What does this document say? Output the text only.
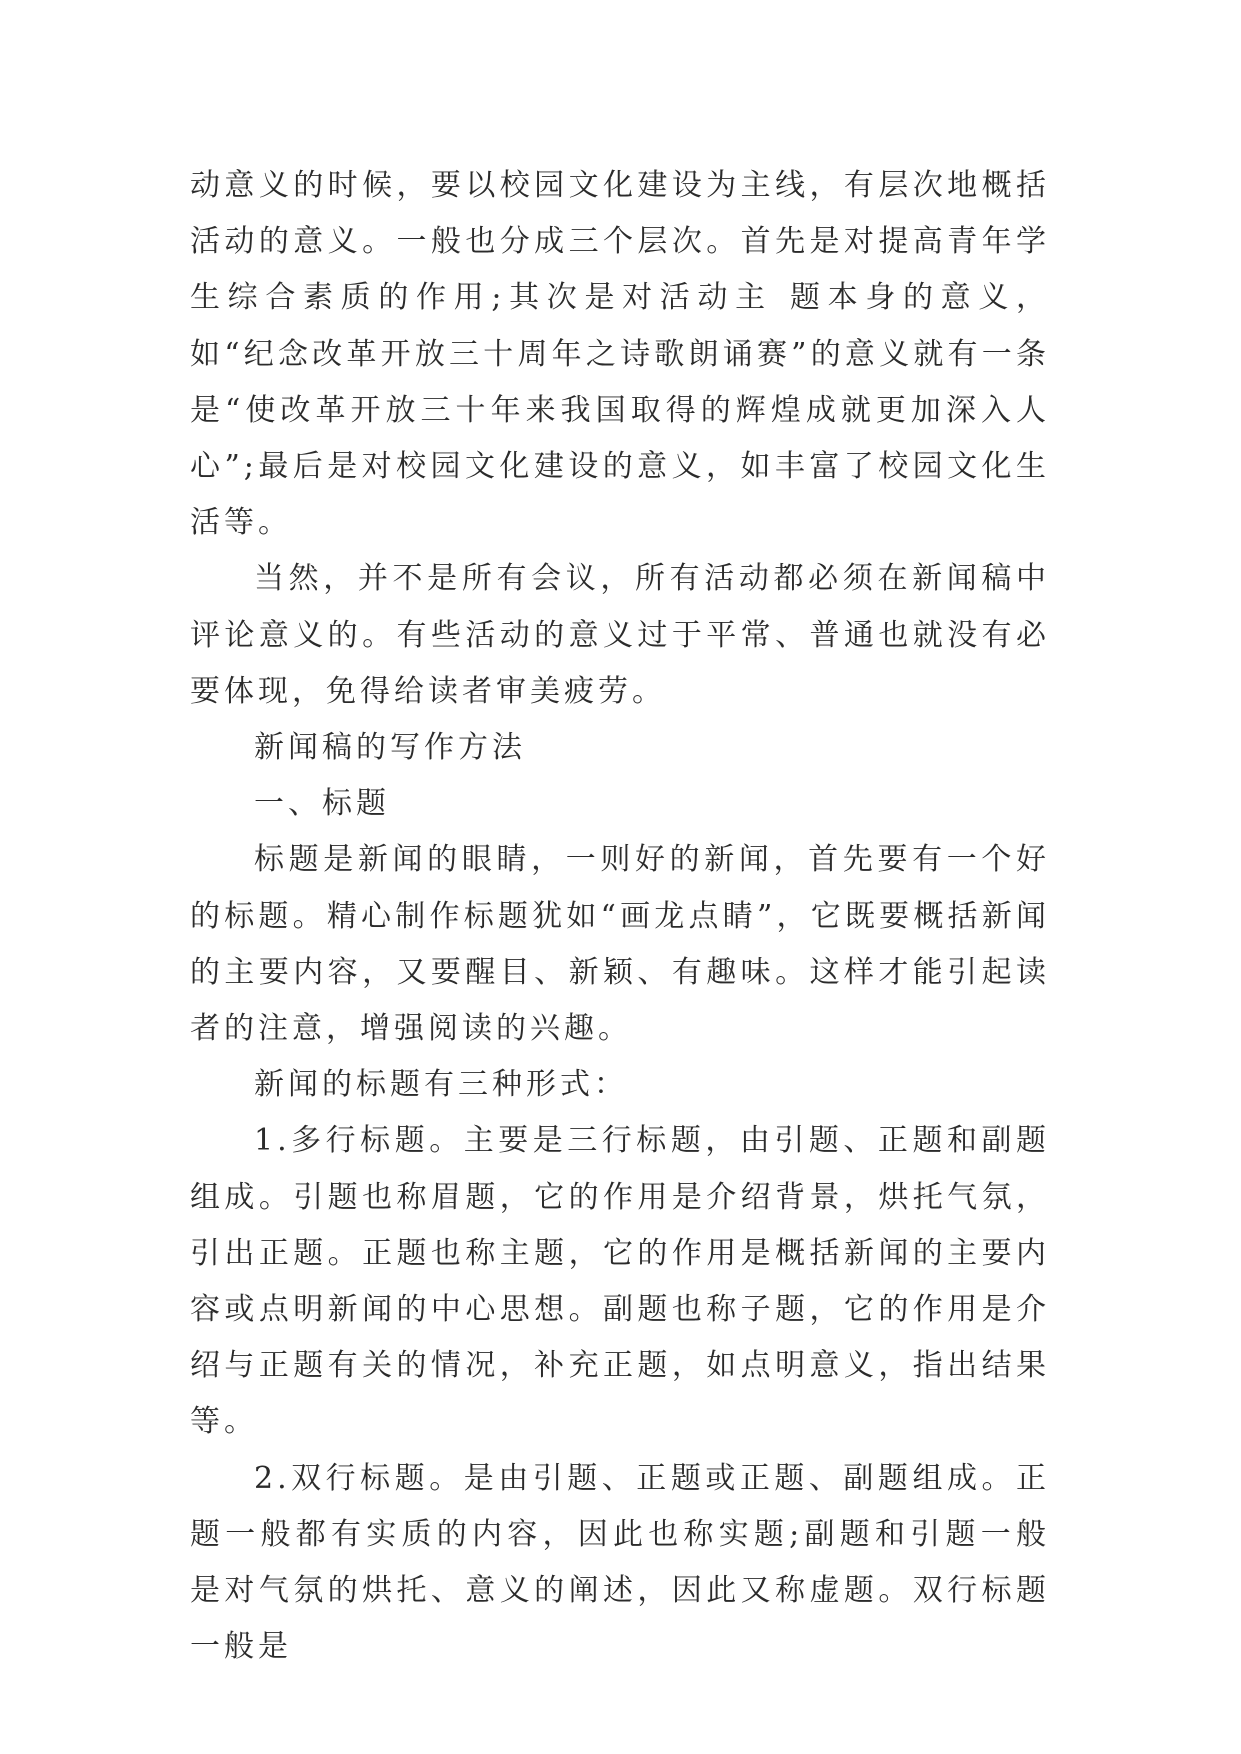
动意义的时候，要以校园文化建设为主线，有层次地概括活动的意义。一般也分成三个层次。首先是对提高青年学生综合素质的作用;其次是对活动主 题本身的意义，如“纪念改革开放三十周年之诗歌朗诵赛”的意义就有一条是“使改革开放三十年来我国取得的辉煌成就更加深入人心”;最后是对校园文化建设的意义，如丰富了校园文化生活等。

当然，并不是所有会议，所有活动都必须在新闻稿中评论意义的。有些活动的意义过于平常、普通也就没有必要体现，免得给读者审美疲劳。

新闻稿的写作方法

一、标题

标题是新闻的眼睛，一则好的新闻，首先要有一个好的标题。精心制作标题犹如“画龙点睛”，它既要概括新闻的主要内容，又要醒目、新颖、有趣味。这样才能引起读者的注意，增强阅读的兴趣。

新闻的标题有三种形式：

1.多行标题。主要是三行标题，由引题、正题和副题组成。引题也称眉题，它的作用是介绍背景，烘托气氛，引出正题。正题也称主题，它的作用是概括新闻的主要内容或点明新闻的中心思想。副题也称子题，它的作用是介绍与正题有关的情况，补充正题，如点明意义，指出结果等。

2.双行标题。是由引题、正题或正题、副题组成。正题一般都有实质的内容，因此也称实题;副题和引题一般是对气氛的烘托、意义的阐述，因此又称虚题。双行标题一般是
